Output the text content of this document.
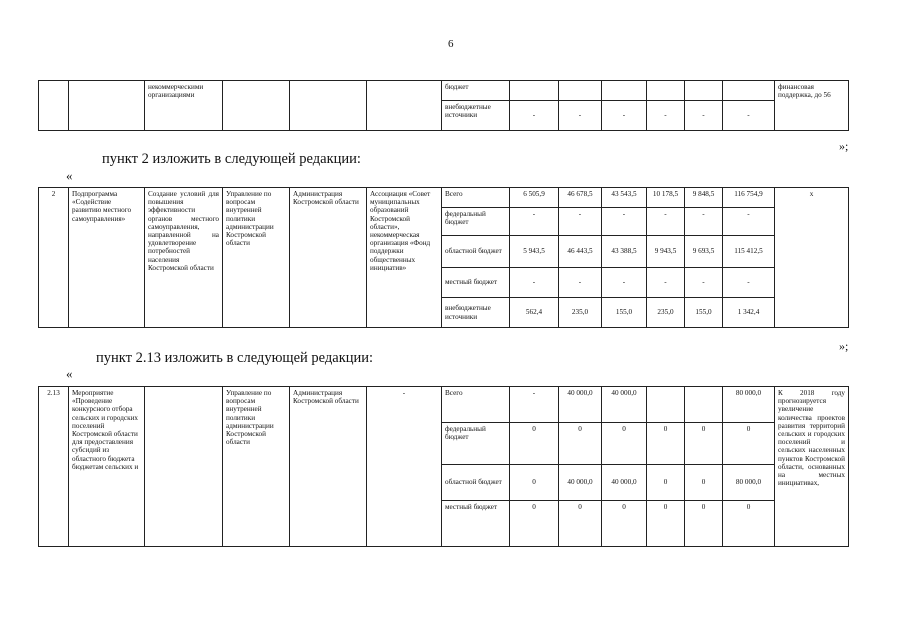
6
		некоммерческими организациями				бюджет							финансовая поддержка, до 56
						внебюджетные источники	-	-	-	-	-	-	
»;
пункт 2 изложить в следующей редакции:
«
2	Подпрограмма «Содействие развитию местного самоуправления»	Создание условий для повышения эффективности органов местного самоуправления, направленной на удовлетворение потребностей населения Костромской области	Управление по вопросам внутренней политики администрации Костромской области	Администрация Костромской области	Ассоциация «Совет муниципальных образований Костромской области», некоммерческая организация «Фонд поддержки общественных инициатив»	Всего	6 505,9	46 678,5	43 543,5	10 178,5	9 848,5	116 754,9	х
						федеральный бюджет	-	-	-	-	-	-	
						областной бюджет	5 943,5	46 443,5	43 388,5	9 943,5	9 693,5	115 412,5	
						местный бюджет	-	-	-	-	-	-	
						внебюджетные источники	562,4	235,0	155,0	235,0	155,0	1 342,4	
»;
пункт 2.13 изложить в следующей редакции:
«
2.13	Мероприятие «Проведение конкурсного отбора сельских и городских поселений Костромской области для предоставления субсидий из областного бюджета бюджетам сельских и		Управление по вопросам внутренней политики администрации Костромской области	Администрация Костромской области	-	Всего	-	40 000,0	40 000,0			80 000,0	К 2018 году прогнозируется увеличение количества проектов развития территорий сельских и городских поселений и сельских населенных пунктов Костромской области, основанных на местных инициативах,
						федеральный бюджет	0	0	0	0	0	0	
						областной бюджет	0	40 000,0	40 000,0	0	0	80 000,0	
						местный бюджет	0	0	0	0	0	0	
